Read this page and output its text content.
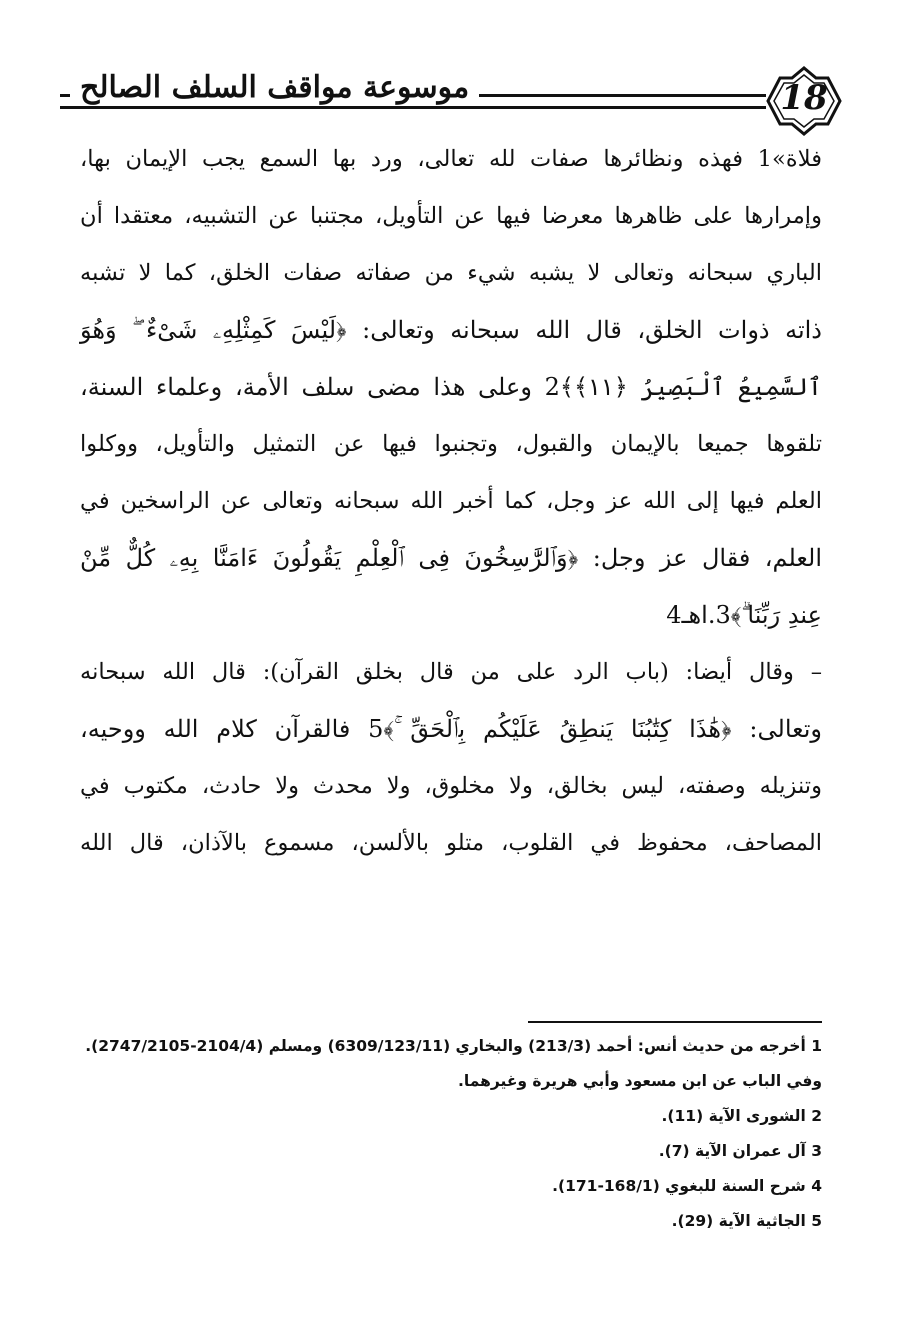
موسوعة مواقف السلف الصالح	18
فلاة»1 فهذه ونظائرها صفات لله تعالى، ورد بها السمع يجب الإيمان بها،
وإمرارها على ظاهرها معرضا فيها عن التأويل، مجتنبا عن التشبيه، معتقدا أن
الباري سبحانه وتعالى لا يشبه شيء من صفاته صفات الخلق، كما لا تشبه
ذاته ذوات الخلق، قال الله سبحانه وتعالى: ﴿لَيْسَ كَمِثْلِهِۦ شَىْءٌ ۖ وَهُوَ
ٱلسَّمِيعُ ٱلْبَصِيرُ ﴿١١﴾﴾2 وعلى هذا مضى سلف الأمة، وعلماء السنة،
تلقوها جميعا بالإيمان والقبول، وتجنبوا فيها عن التمثيل والتأويل، ووكلوا
العلم فيها إلى الله عز وجل، كما أخبر الله سبحانه وتعالى عن الراسخين في
العلم، فقال عز وجل: ﴿وَٱلرَّٰسِخُونَ فِى ٱلْعِلْمِ يَقُولُونَ ءَامَنَّا بِهِۦ كُلٌّ مِّنْ
عِندِ رَبِّنَا ۗ﴾3.اهـ4
– وقال أيضا: (باب الرد على من قال بخلق القرآن): قال الله سبحانه
وتعالى: ﴿هَٰذَا كِتَٰبُنَا يَنطِقُ عَلَيْكُم بِٱلْحَقِّ ۚ﴾5 فالقرآن كلام الله ووحيه،
وتنزيله وصفته، ليس بخالق، ولا مخلوق، ولا محدث ولا حادث، مكتوب في
المصاحف، محفوظ في القلوب، متلو بالألسن، مسموع بالآذان، قال الله
1 أخرجه من حديث أنس: أحمد (213/3) والبخاري (6309/123/11) ومسلم (2104/4-2747/2105).
وفي الباب عن ابن مسعود وأبي هريرة وغيرهما.
2 الشورى الآية (11).
3 آل عمران الآية (7).
4 شرح السنة للبغوي (168/1-171).
5 الجاثية الآية (29).
